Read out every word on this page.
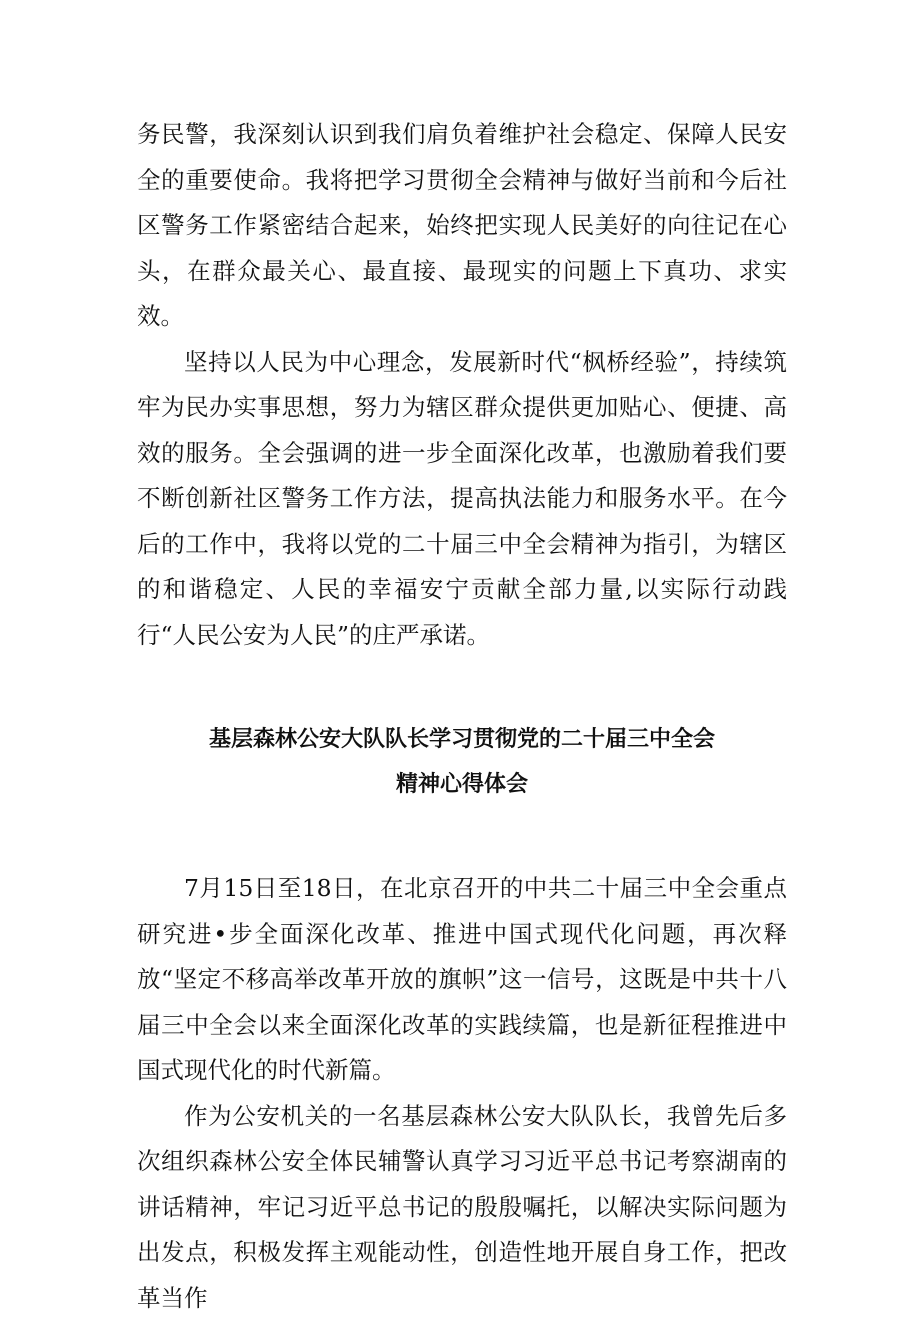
务民警，我深刻认识到我们肩负着维护社会稳定、保障人民安全的重要使命。我将把学习贯彻全会精神与做好当前和今后社区警务工作紧密结合起来，始终把实现人民美好的向往记在心头，在群众最关心、最直接、最现实的问题上下真功、求实效。

坚持以人民为中心理念，发展新时代“枫桥经验”，持续筑牢为民办实事思想，努力为辖区群众提供更加贴心、便捷、高效的服务。全会强调的进一步全面深化改革，也激励着我们要不断创新社区警务工作方法，提高执法能力和服务水平。在今后的工作中，我将以党的二十届三中全会精神为指引，为辖区的和谐稳定、人民的幸福安宁贡献全部力量,以实际行动践行“人民公安为人民”的庄严承诺。

基层森林公安大队队长学习贯彻党的二十届三中全会
精神心得体会

7月15日至18日，在北京召开的中共二十届三中全会重点研究进•步全面深化改革、推进中国式现代化问题，再次释放“坚定不移高举改革开放的旗帜”这一信号，这既是中共十八届三中全会以来全面深化改革的实践续篇，也是新征程推进中国式现代化的时代新篇。

作为公安机关的一名基层森林公安大队队长，我曾先后多次组织森林公安全体民辅警认真学习习近平总书记考察湖南的讲话精神，牢记习近平总书记的殷殷嘱托，以解决实际问题为出发点，积极发挥主观能动性，创造性地开展自身工作，把改革当作
